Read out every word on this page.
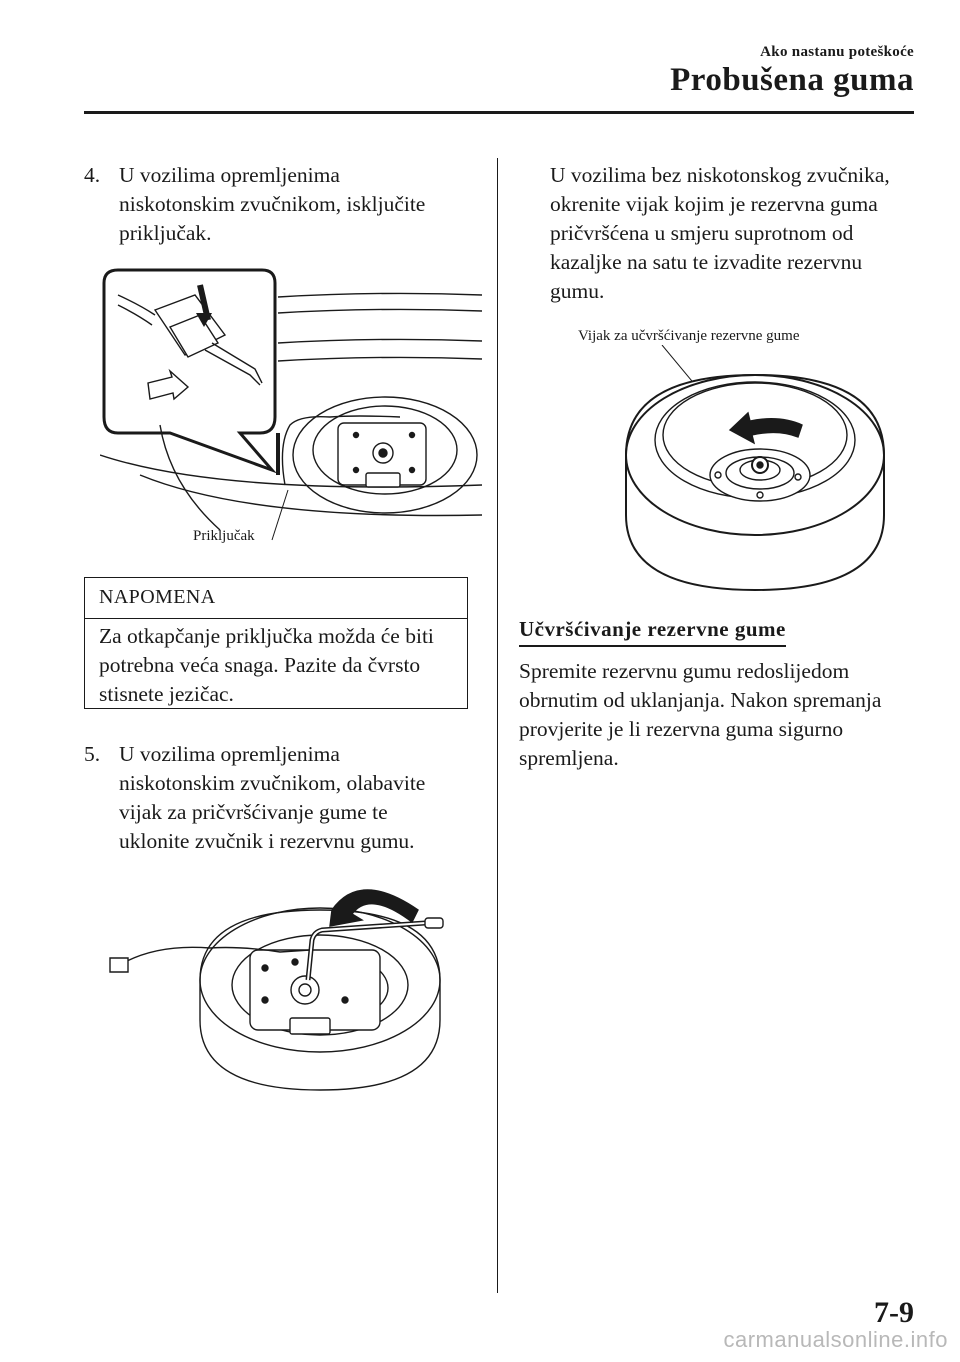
Ako nastanu poteškoće
Probušena guma
4. U vozilima opremljenima
niskotonskim zvučnikom, isključite
priključak.
Priključak
NAPOMENA
Za otkapčanje priključka možda će biti
potrebna veća snaga. Pazite da čvrsto
stisnete jezičac.
5. U vozilima opremljenima
niskotonskim zvučnikom, olabavite
vijak za pričvršćivanje gume te
uklonite zvučnik i rezervnu gumu.
U vozilima bez niskotonskog zvučnika,
okrenite vijak kojim je rezervna guma
pričvršćena u smjeru suprotnom od
kazaljke na satu te izvadite rezervnu
gumu.
Vijak za učvršćivanje rezervne gume
Učvršćivanje rezervne gume
Spremite rezervnu gumu redoslijedom
obrnutim od uklanjanja. Nakon spremanja
provjerite je li rezervna guma sigurno
spremljena.
7-9
carmanualsonline.info
